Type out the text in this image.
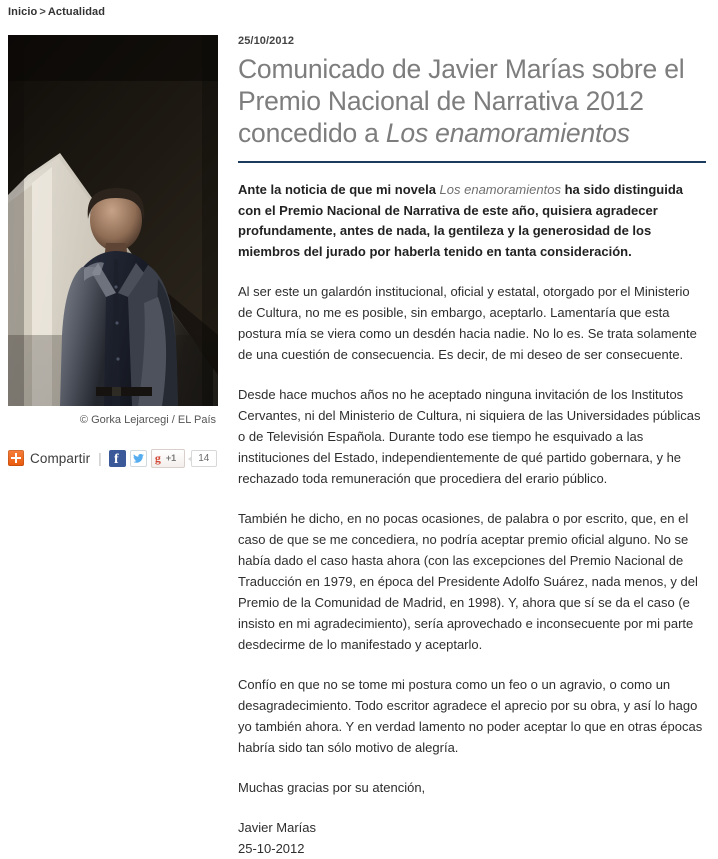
Inicio > Actualidad
© Gorka Lejarcegi / EL País
Compartir | f	g +1	14
25/10/2012
Comunicado de Javier Marías sobre el Premio Nacional de Narrativa 2012 concedido a Los enamoramientos

Ante la noticia de que mi novela Los enamoramientos ha sido distinguida con el Premio Nacional de Narrativa de este año, quisiera agradecer profundamente, antes de nada, la gentileza y la generosidad de los miembros del jurado por haberla tenido en tanta consideración.

Al ser este un galardón institucional, oficial y estatal, otorgado por el Ministerio de Cultura, no me es posible, sin embargo, aceptarlo. Lamentaría que esta postura mía se viera como un desdén hacia nadie. No lo es. Se trata solamente de una cuestión de consecuencia. Es decir, de mi deseo de ser consecuente.

Desde hace muchos años no he aceptado ninguna invitación de los Institutos Cervantes, ni del Ministerio de Cultura, ni siquiera de las Universidades públicas o de Televisión Española. Durante todo ese tiempo he esquivado a las instituciones del Estado, independientemente de qué partido gobernara, y he rechazado toda remuneración que procediera del erario público.

También he dicho, en no pocas ocasiones, de palabra o por escrito, que, en el caso de que se me concediera, no podría aceptar premio oficial alguno. No se había dado el caso hasta ahora (con las excepciones del Premio Nacional de Traducción en 1979, en época del Presidente Adolfo Suárez, nada menos, y del Premio de la Comunidad de Madrid, en 1998). Y, ahora que sí se da el caso (e insisto en mi agradecimiento), sería aprovechado e inconsecuente por mi parte desdecirme de lo manifestado y aceptarlo.

Confío en que no se tome mi postura como un feo o un agravio, o como un desagradecimiento. Todo escritor agradece el aprecio por su obra, y así lo hago yo también ahora. Y en verdad lamento no poder aceptar lo que en otras épocas habría sido tan sólo motivo de alegría.

Muchas gracias por su atención,

Javier Marías

25-10-2012
